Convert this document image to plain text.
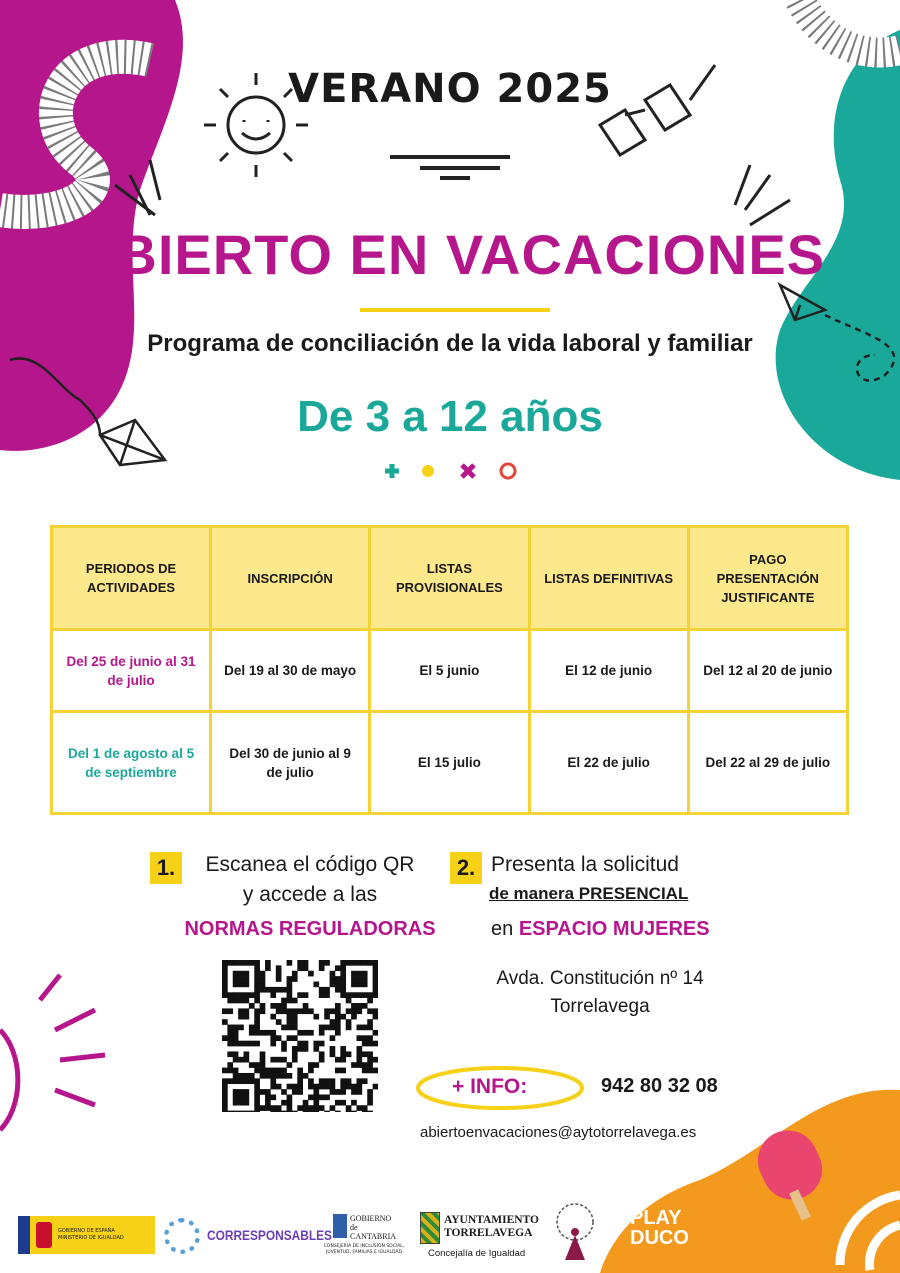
VERANO 2025
ABIERTO EN VACACIONES
Programa de conciliación de la vida laboral y familiar
De 3 a 12 años
PERIODOS DE ACTIVIDADES	INSCRIPCIÓN	LISTAS PROVISIONALES	LISTAS DEFINITIVAS	PAGO PRESENTACIÓN JUSTIFICANTE
Del 25 de junio al 31 de julio	Del 19 al 30 de mayo	El 5 junio	El 12 de junio	Del 12 al 20 de junio
Del 1 de agosto al 5 de septiembre	Del 30 de junio al 9 de julio	El 15 julio	El 22 de julio	Del 22 al 29 de julio
1.	Escanea el código QR
y accede a las
NORMAS REGULADORAS
2. Presenta la solicitud
de manera PRESENCIAL
en ESPACIO MUJERES
Avda. Constitución nº 14
Torrelavega
+ INFO:	942 80 32 08
abiertoenvacaciones@aytotorrelavega.es
GOBIERNO DE ESPAÑA MINISTERIO DE IGUALDAD	CORRESPONSABLES
GOBIERNO de CANTABRIA
CONSEJERÍA DE INCLUSIÓN SOCIAL, JUVENTUD, FAMILIAS E IGUALDAD
AYUNTAMIENTO TORRELAVEGA
Concejalía de Igualdad
PLAY DUCO
